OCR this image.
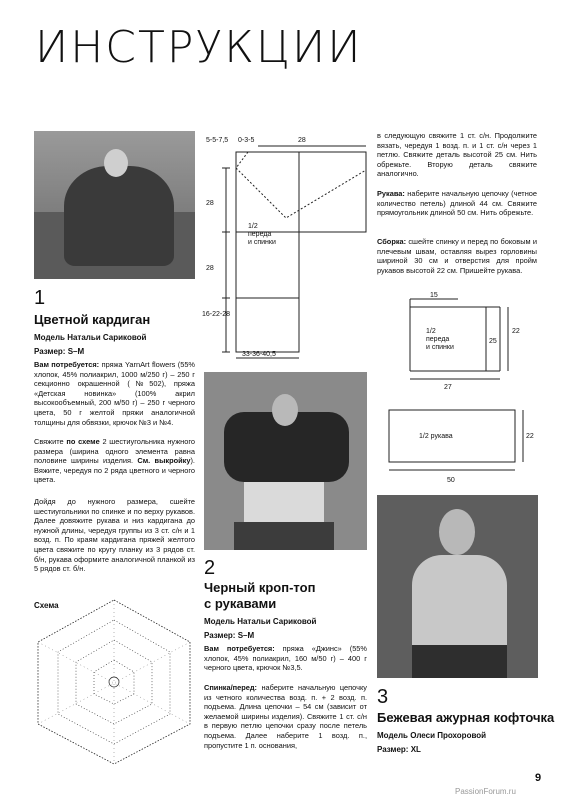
ИНСТРУКЦИИ
5-5-7,5 0-3-5	28
28
28
16-22-28
33-36-40,5
1/2
переда
и спинки
1
Цветной кардиган
Модель Натальи Сариковой
Размер: S–M
Вам потребуется: пряжа YarnArt flowers (55% хлопок, 45% полиакрил, 1000 м/250 г) – 250 г секционно окрашенной (№502), пряжа «Детская новинка» (100% акрил высокообъемный, 200 м/50 г) – 250 г черного цвета, 50 г желтой пряжи аналогичной толщины для обвязки, крючок №3 и №4.
Свяжите по схеме 2 шестиугольника нужного размера (ширина одного элемента равна половине ширины изделия. См. выкройку). Вяжите, чередуя по 2 ряда цветного и черного цвета.
Дойдя до нужного размера, сшейте шестиугольники по спинке и по верху рукавов. Далее довяжите рукава и низ кардигана до нужной длины, чередуя группы из 3 ст. с/н и 1 возд. п. По краям кардигана пряжей желтого цвета свяжите по кругу планку из 3 рядов ст. б/н, рукава оформите аналогичной планкой из 5 рядов ст. б/н.
Схема
2
Черный кроп-топ
с рукавами
Модель Натальи Сариковой
Размер: S–M
Вам потребуется: пряжа «Джинс» (55% хлопок, 45% полиакрил, 160 м/50 г) – 400 г черного цвета, крючок №3,5.
Спинка/перед: наберите начальную цепочку из четного количества возд. п. + 2 возд. п. подъема. Длина цепочки – 54 см (зависит от желаемой ширины изделия). Свяжите 1 ст. с/н в первую петлю цепочки сразу после петель подъема. Далее наберите 1 возд. п., пропустите 1 п. основания,
в следующую свяжите 1 ст. с/н. Продолжите вязать, чередуя 1 возд. п. и 1 ст. с/н через 1 петлю. Свяжите деталь высотой 25 см. Нить обрежьте. Вторую деталь свяжите аналогично.
Рукава: наберите начальную цепочку (четное количество петель) длиной 44 см. Свяжите прямоугольник длиной 50 см. Нить обрежьте.
Сборка: сшейте спинку и перед по боковым и плечевым швам, оставляя вырез горловины шириной 30 см и отверстия для пройм рукавов высотой 22 см. Пришейте рукава.
15
25
22
27
1/2
переда
и спинки
1/2 рукава	22
50
3
Бежевая ажурная кофточка
Модель Олеси Прохоровой
Размер: XL
9
PassionForum.ru
